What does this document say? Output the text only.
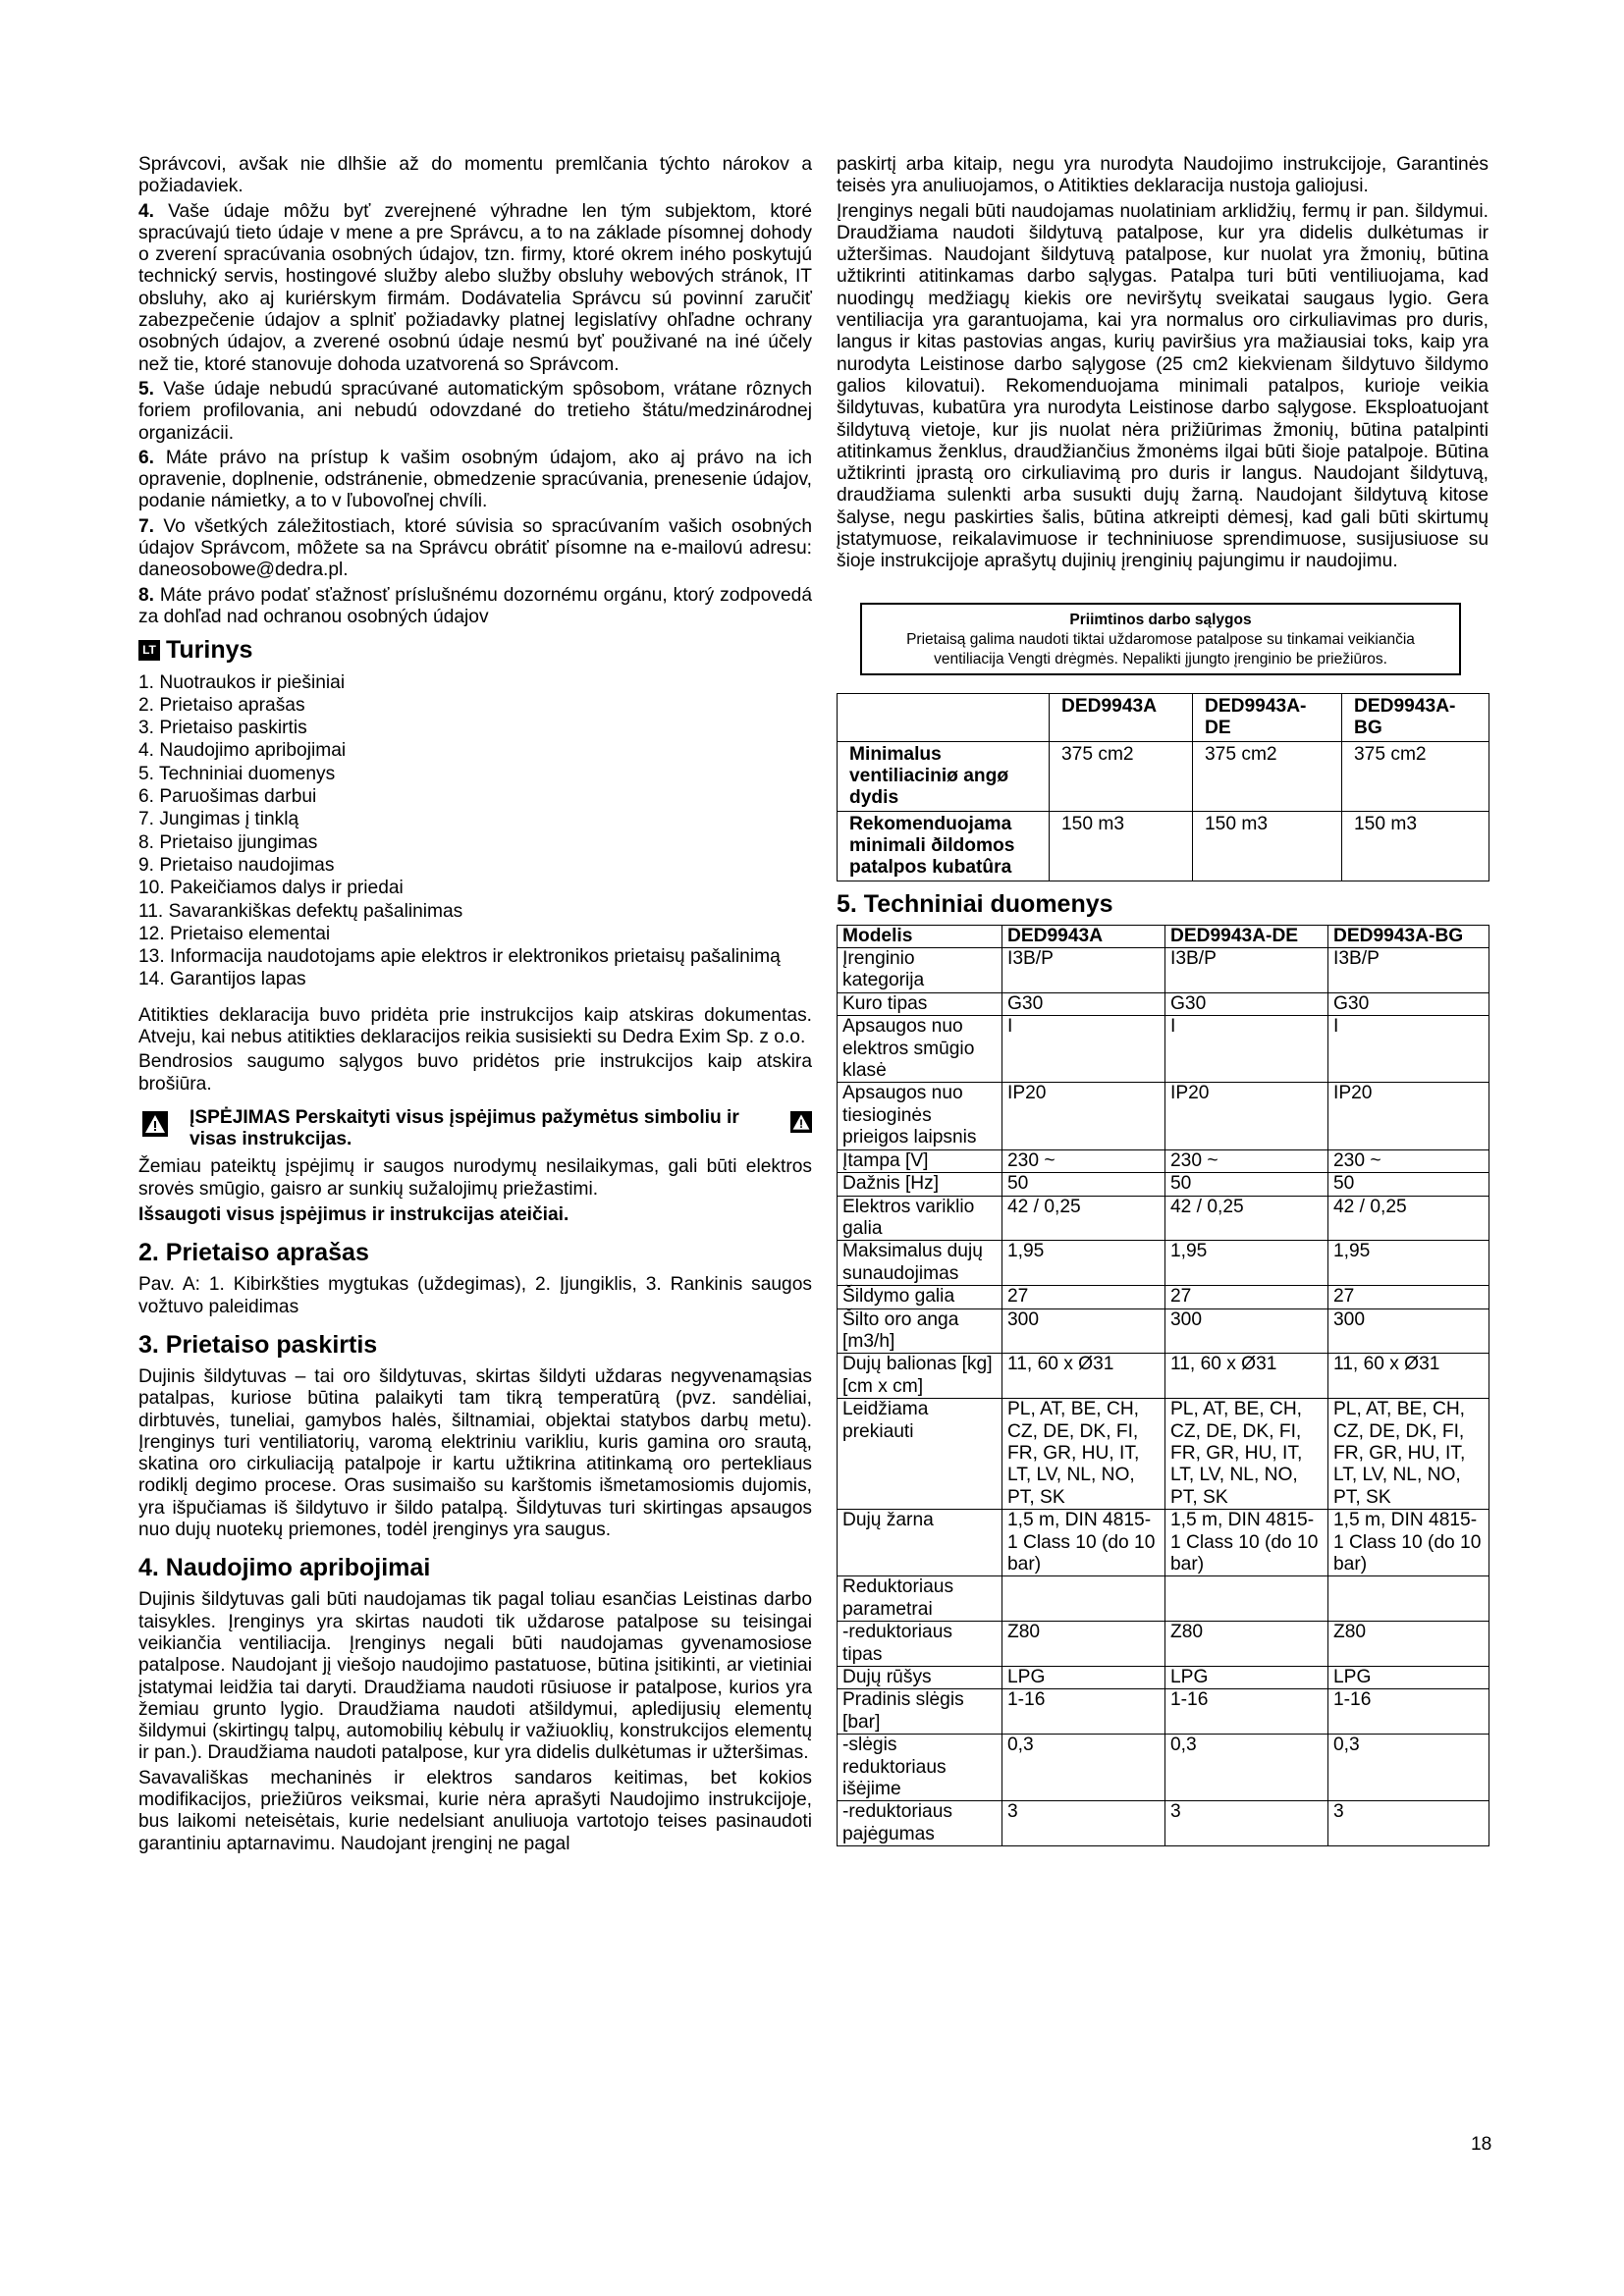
Správcovi, avšak nie dlhšie až do momentu premlčania týchto nárokov a požiadaviek.

4. Vaše údaje môžu byť zverejnené výhradne len tým subjektom, ktoré spracúvajú tieto údaje v mene a pre Správcu, a to na základe písomnej dohody o zverení spracúvania osobných údajov, tzn. firmy, ktoré okrem iného poskytujú technický servis, hostingové služby alebo služby obsluhy webových stránok, IT obsluhy, ako aj kuriérskym firmám. Dodávatelia Správcu sú povinní zaručiť zabezpečenie údajov a splniť požiadavky platnej legislatívy ohľadne ochrany osobných údajov, a zverené osobnú údaje nesmú byť použivané na iné účely než tie, ktoré stanovuje dohoda uzatvorená so Správcom.

5. Vaše údaje nebudú spracúvané automatickým spôsobom, vrátane rôznych foriem profilovania, ani nebudú odovzdané do tretieho štátu/medzinárodnej organizácii.

6. Máte právo na prístup k vašim osobným údajom, ako aj právo na ich opravenie, doplnenie, odstránenie, obmedzenie spracúvania, prenesenie údajov, podanie námietky, a to v ľubovoľnej chvíli.

7. Vo všetkých záležitostiach, ktoré súvisia so spracúvaním vašich osobných údajov Správcom, môžete sa na Správcu obrátiť písomne na e-mailovú adresu: daneosobowe@dedra.pl.

8. Máte právo podať sťažnosť príslušnému dozornému orgánu, ktorý zodpovedá za dohľad nad ochranou osobných údajov

LT Turinys
1. Nuotraukos ir piešiniai
2. Prietaiso aprašas
3. Prietaiso paskirtis
4. Naudojimo apribojimai
5. Techniniai duomenys
6. Paruošimas darbui
7. Jungimas į tinklą
8. Prietaiso įjungimas
9. Prietaiso naudojimas
10. Pakeičiamos dalys ir priedai
11. Savarankiškas defektų pašalinimas
12. Prietaiso elementai
13. Informacija naudotojams apie elektros ir elektronikos prietaisų pašalinimą
14. Garantijos lapas

Atitikties deklaracija buvo pridėta prie instrukcijos kaip atskiras dokumentas. Atveju, kai nebus atitikties deklaracijos reikia susisiekti su Dedra Exim Sp. z o.o.

Bendrosios saugumo sąlygos buvo pridėtos prie instrukcijos kaip atskira brošiūra.

ĮSPĖJIMAS Perskaityti visus įspėjimus pažymėtus simboliu ir visas instrukcijas.

Žemiau pateiktų įspėjimų ir saugos nurodymų nesilaikymas, gali būti elektros srovės smūgio, gaisro ar sunkių sužalojimų priežastimi.

Išsaugoti visus įspėjimus ir instrukcijas ateičiai.

2. Prietaiso aprašas

Pav. A: 1. Kibirkšties mygtukas (uždegimas), 2. Įjungiklis, 3. Rankinis saugos vožtuvo paleidimas

3. Prietaiso paskirtis

Dujinis šildytuvas – tai oro šildytuvas, skirtas šildyti uždaras negyvenamąsias patalpas, kuriose būtina palaikyti tam tikrą temperatūrą (pvz. sandėliai, dirbtuvės, tuneliai, gamybos halės, šiltnamiai, objektai statybos darbų metu). Įrenginys turi ventiliatorių, varomą elektriniu varikliu, kuris gamina oro srautą, skatina oro cirkuliaciją patalpoje ir kartu užtikrina atitinkamą oro pertekliaus rodiklį degimo procese. Oras susimaišo su karštomis išmetamosiomis dujomis, yra išpučiamas iš šildytuvo ir šildo patalpą. Šildytuvas turi skirtingas apsaugos nuo dujų nuotekų priemones, todėl įrenginys yra saugus.

4. Naudojimo apribojimai

Dujinis šildytuvas gali būti naudojamas tik pagal toliau esančias Leistinas darbo taisykles. Įrenginys yra skirtas naudoti tik uždarose patalpose su teisingai veikiančia ventiliacija. Įrenginys negali būti naudojamas gyvenamosiose patalpose. Naudojant jį viešojo naudojimo pastatuose, būtina įsitikinti, ar vietiniai įstatymai leidžia tai daryti. Draudžiama naudoti rūsiuose ir patalpose, kurios yra žemiau grunto lygio. Draudžiama naudoti atšildymui, apledijusių elementų šildymui (skirtingų talpų, automobilių kėbulų ir važiuoklių, konstrukcijos elementų ir pan.). Draudžiama naudoti patalpose, kur yra didelis dulkėtumas ir užteršimas.

Savavališkas mechaninės ir elektros sandaros keitimas, bet kokios modifikacijos, priežiūros veiksmai, kurie nėra aprašyti Naudojimo instrukcijoje, bus laikomi neteisėtais, kurie nedelsiant anuliuoja vartotojo teises pasinaudoti garantiniu aptarnavimu. Naudojant įrenginį ne pagal

paskirtį arba kitaip, negu yra nurodyta Naudojimo instrukcijoje, Garantinės teisės yra anuliuojamos, o Atitikties deklaracija nustoja galiojusi.

Įrenginys negali būti naudojamas nuolatiniam arklidžių, fermų ir pan. šildymui. Draudžiama naudoti šildytuvą patalpose, kur yra didelis dulkėtumas ir užteršimas. Naudojant šildytuvą patalpose, kur nuolat yra žmonių, būtina užtikrinti atitinkamas darbo sąlygas. Patalpa turi būti ventiliuojama, kad nuodingų medžiagų kiekis ore neviršytų sveikatai saugaus lygio. Gera ventiliacija yra garantuojama, kai yra normalus oro cirkuliavimas pro duris, langus ir kitas pastovias angas, kurių paviršius yra mažiausiai toks, kaip yra nurodyta Leistinose darbo sąlygose (25 cm2 kiekvienam šildytuvo šildymo galios kilovatui). Rekomenduojama minimali patalpos, kurioje veikia šildytuvas, kubatūra yra nurodyta Leistinose darbo sąlygose. Eksploatuojant šildytuvą vietoje, kur jis nuolat nėra prižiūrimas žmonių, būtina patalpinti atitinkamus ženklus, draudžiančius žmonėms ilgai būti šioje patalpoje. Būtina užtikrinti įprastą oro cirkuliavimą pro duris ir langus. Naudojant šildytuvą, draudžiama sulenkti arba susukti dujų žarną. Naudojant šildytuvą kitose šalyse, negu paskirties šalis, būtina atkreipti dėmesį, kad gali būti skirtumų įstatymuose, reikalavimuose ir techniniuose sprendimuose, susijusiuose su šioje instrukcijoje aprašytų dujinių įrenginių pajungimu ir naudojimu.

Priimtinos darbo sąlygos
Prietaisą galima naudoti tiktai uždaromose patalpose su tinkamai veikiančia ventiliacija Vengti drėgmės. Nepalikti įjungto įrenginio be priežiūros.
	DED9943A	DED9943A-DE	DED9943A-BG
Minimalus ventiliaciniø angø dydis	375 cm2	375 cm2	375 cm2
Rekomenduojama minimali ðildomos patalpos kubatûra	150 m3	150 m3	150 m3
5. Techniniai duomenys
Modelis	DED9943A	DED9943A-DE	DED9943A-BG
Įrenginio kategorija	I3B/P	I3B/P	I3B/P
Kuro tipas	G30	G30	G30
Apsaugos nuo elektros smūgio klasė	I	I	I
Apsaugos nuo tiesioginės prieigos laipsnis	IP20	IP20	IP20
Įtampa [V]	230 ~	230 ~	230 ~
Dažnis [Hz]	50	50	50
Elektros variklio galia	42 / 0,25	42 / 0,25	42 / 0,25
Maksimalus dujų sunaudojimas	1,95	1,95	1,95
Šildymo galia	27	27	27
Šilto oro anga [m3/h]	300	300	300
Dujų balionas [kg] [cm x cm]	11, 60 x Ø31	11, 60 x Ø31	11, 60 x Ø31
Leidžiama prekiauti	PL, AT, BE, CH, CZ, DE, DK, FI, FR, GR, HU, IT, LT, LV, NL, NO, PT, SK	PL, AT, BE, CH, CZ, DE, DK, FI, FR, GR, HU, IT, LT, LV, NL, NO, PT, SK	PL, AT, BE, CH, CZ, DE, DK, FI, FR, GR, HU, IT, LT, LV, NL, NO, PT, SK
Dujų žarna	1,5 m, DIN 4815-1 Class 10 (do 10 bar)	1,5 m, DIN 4815-1 Class 10 (do 10 bar)	1,5 m, DIN 4815-1 Class 10 (do 10 bar)
Reduktoriaus parametrai			
-reduktoriaus tipas	Z80	Z80	Z80
Dujų rūšys	LPG	LPG	LPG
Pradinis slėgis [bar]	1-16	1-16	1-16
-slėgis reduktoriaus išėjime	0,3	0,3	0,3
-reduktoriaus pajėgumas	3	3	3
18
